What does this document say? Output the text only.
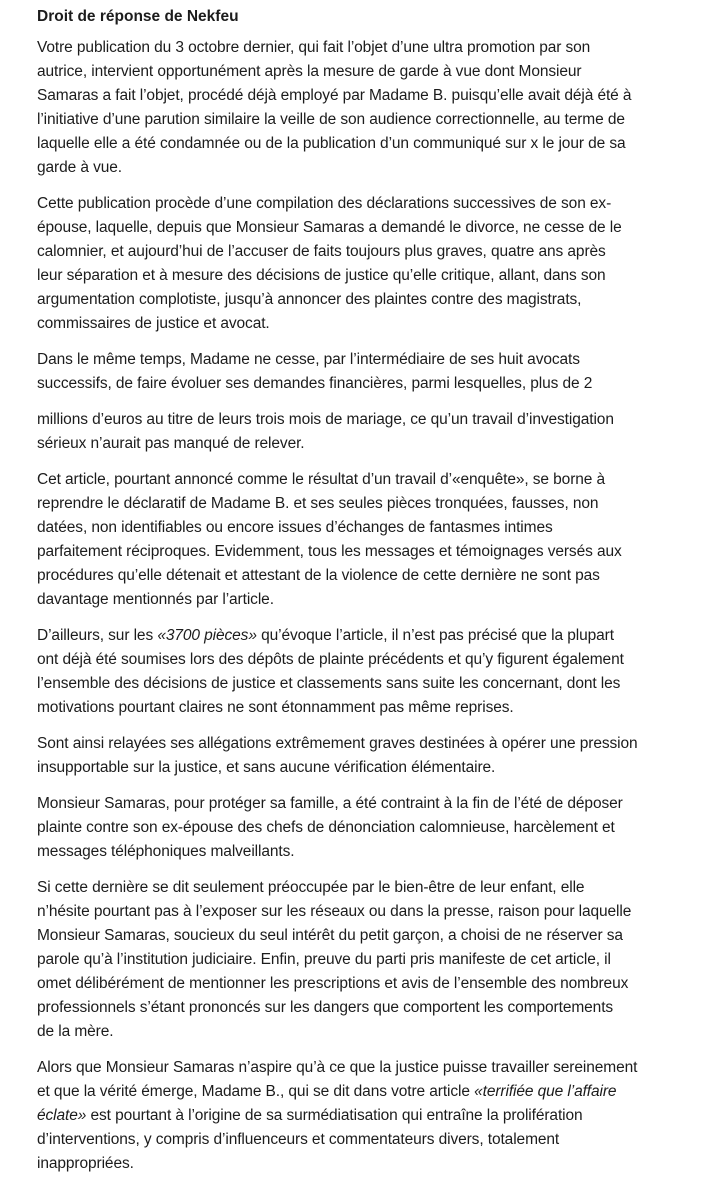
Droit de réponse de Nekfeu
Votre publication du 3 octobre dernier, qui fait l’objet d’une ultra promotion par son
autrice, intervient opportunément après la mesure de garde à vue dont Monsieur
Samaras a fait l’objet, procédé déjà employé par Madame B. puisqu’elle avait déjà été à
l’initiative d’une parution similaire la veille de son audience correctionnelle, au terme de
laquelle elle a été condamnée ou de la publication d’un communiqué sur x le jour de sa
garde à vue.
Cette publication procède d’une compilation des déclarations successives de son ex-
épouse, laquelle, depuis que Monsieur Samaras a demandé le divorce, ne cesse de le
calomnier, et aujourd’hui de l’accuser de faits toujours plus graves, quatre ans après
leur séparation et à mesure des décisions de justice qu’elle critique, allant, dans son
argumentation complotiste, jusqu’à annoncer des plaintes contre des magistrats,
commissaires de justice et avocat.
Dans le même temps, Madame ne cesse, par l’intermédiaire de ses huit avocats
successifs, de faire évoluer ses demandes financières, parmi lesquelles, plus de 2
millions d’euros au titre de leurs trois mois de mariage, ce qu’un travail d’investigation
sérieux n’aurait pas manqué de relever.
Cet article, pourtant annoncé comme le résultat d’un travail d’«enquête», se borne à
reprendre le déclaratif de Madame B. et ses seules pièces tronquées, fausses, non
datées, non identifiables ou encore issues d’échanges de fantasmes intimes
parfaitement réciproques. Evidemment, tous les messages et témoignages versés aux
procédures qu’elle détenait et attestant de la violence de cette dernière ne sont pas
davantage mentionnés par l’article.
D’ailleurs, sur les «3700 pièces» qu’évoque l’article, il n’est pas précisé que la plupart
ont déjà été soumises lors des dépôts de plainte précédents et qu’y figurent également
l’ensemble des décisions de justice et classements sans suite les concernant, dont les
motivations pourtant claires ne sont étonnamment pas même reprises.
Sont ainsi relayées ses allégations extrêmement graves destinées à opérer une pression
insupportable sur la justice, et sans aucune vérification élémentaire.
Monsieur Samaras, pour protéger sa famille, a été contraint à la fin de l’été de déposer
plainte contre son ex-épouse des chefs de dénonciation calomnieuse, harcèlement et
messages téléphoniques malveillants.
Si cette dernière se dit seulement préoccupée par le bien-être de leur enfant, elle
n’hésite pourtant pas à l’exposer sur les réseaux ou dans la presse, raison pour laquelle
Monsieur Samaras, soucieux du seul intérêt du petit garçon, a choisi de ne réserver sa
parole qu’à l’institution judiciaire. Enfin, preuve du parti pris manifeste de cet article, il
omet délibérément de mentionner les prescriptions et avis de l’ensemble des nombreux
professionnels s’étant prononcés sur les dangers que comportent les comportements
de la mère.
Alors que Monsieur Samaras n’aspire qu’à ce que la justice puisse travailler sereinement
et que la vérité émerge, Madame B., qui se dit dans votre article «terrifiée que l’affaire
éclate» est pourtant à l’origine de sa surmédiatisation qui entraîne la prolifération
d’interventions, y compris d’influenceurs et commentateurs divers, totalement
inappropriées.
